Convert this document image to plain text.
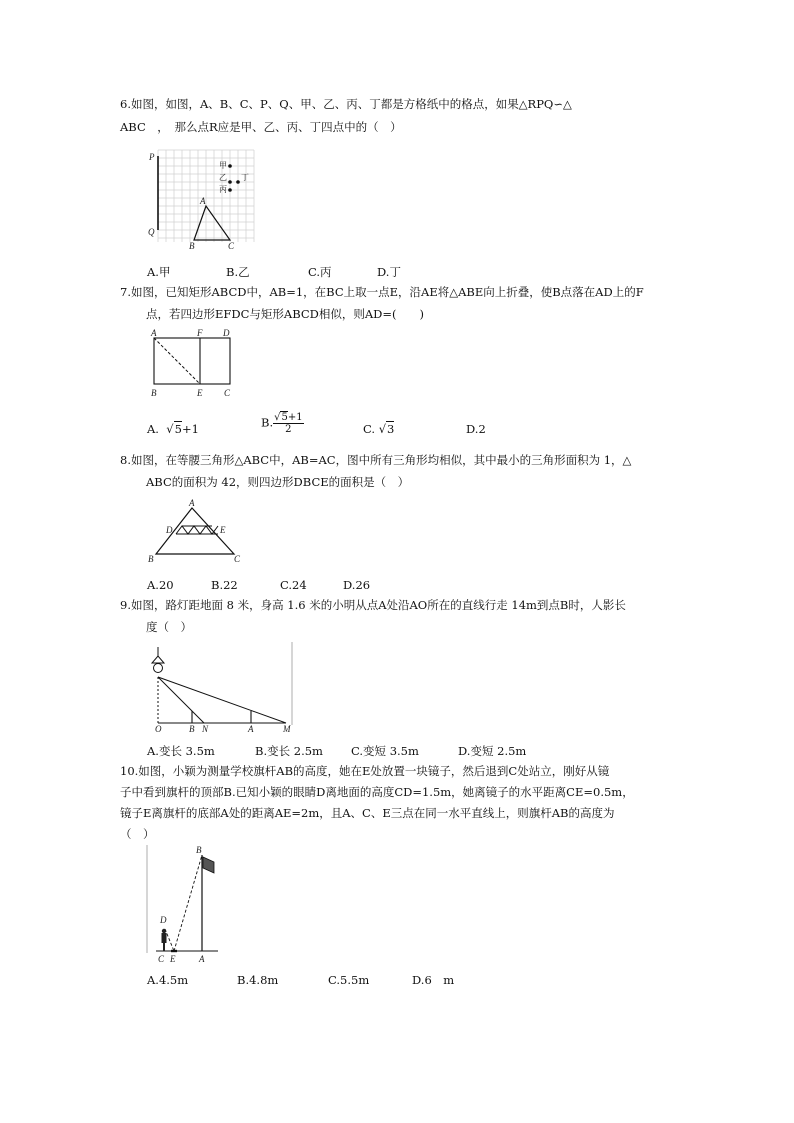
6.如图，如图，A、B、C、P、Q、甲、乙、丙、丁都是方格纸中的格点，如果△RPQ∽△
ABC　，　那么点R应是甲、乙、丙、丁四点中的（　）
P
Q
A
B	C
甲
乙
丙
丁
A.甲	B.乙	C.丙	D.丁
7.如图，已知矩形ABCD中，AB=1，在BC上取一点E，沿AE将△ABE向上折叠，使B点落在AD上的F
点，若四边形EFDC与矩形ABCD相似，则AD=(　　)
A	F D
B	E C
A.  √5+1	B. $\frac{√5+1}{2}$	C. √3	D.2
8.如图，在等腰三角形△ABC中，AB=AC，图中所有三角形均相似，其中最小的三角形面积为 1，△
ABC的面积为 42，则四边形DBCE的面积是（　）
A
D	E
B	C
A.20	B.22	C.24	D.26
9.如图，路灯距地面 8 米，身高 1.6 米的小明从点A处沿AO所在的直线行走 14m到点B时，人影长
度（　）
O	B N	A	M
A.变长 3.5m	B.变长 2.5m C.变短 3.5m	D.变短 2.5m
10.如图，小颖为测量学校旗杆AB的高度，她在E处放置一块镜子，然后退到C处站立，刚好从镜
子中看到旗杆的顶部B.已知小颖的眼睛D离地面的高度CD=1.5m，她离镜子的水平距离CE=0.5m，
镜子E离旗杆的底部A处的距离AE=2m，且A、C、E三点在同一水平直线上，则旗杆AB的高度为
（　）
B
D
C E	A
A.4.5m	B.4.8m	C.5.5m	D.6　m
